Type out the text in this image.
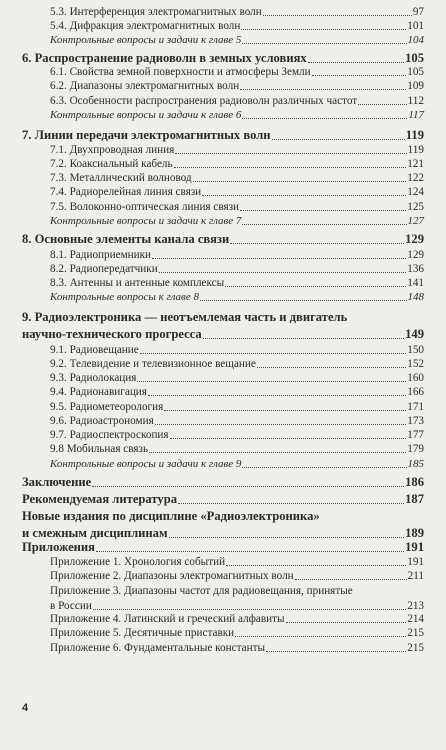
5.3. Интерференция электромагнитных волн	97
5.4. Дифракция электромагнитных волн	101
Контрольные вопросы и задачи к главе 5	104
6. Распространение радиоволн в земных условиях	105
6.1. Свойства земной поверхности и атмосферы Земли	105
6.2. Диапазоны электромагнитных волн	109
6.3. Особенности распространения радиоволн различных частот	112
Контрольные вопросы и задачи к главе 6	117
7. Линии передачи электромагнитных волн	119
7.1. Двухпроводная линия	119
7.2. Коаксиальный кабель	121
7.3. Металлический волновод	122
7.4. Радиорелейная линия связи	124
7.5. Волоконно-оптическая линия связи	125
Контрольные вопросы и задачи к главе 7	127
8. Основные элементы канала связи	129
8.1. Радиоприемники	129
8.2. Радиопередатчики	136
8.3. Антенны и антенные комплексы	141
Контрольные вопросы к главе 8	148
9. Радиоэлектроника — неотъемлемая часть и двигатель
научно-технического прогресса	149
9.1. Радиовещание	150
9.2. Телевидение и телевизионное вещание	152
9.3. Радиолокация	160
9.4. Радионавигация	166
9.5. Радиометеорология	171
9.6. Радиоастрономия	173
9.7. Радиоспектроскопия	177
9.8 Мобильная связь	179
Контрольные вопросы и задачи к главе 9	185
Заключение	186
Рекомендуемая литература	187
Новые издания по дисциплине «Радиоэлектроника»
и смежным дисциплинам	189
Приложения	191
Приложение 1. Хронология событий	191
Приложение 2. Диапазоны электромагнитных волн	211
Приложение 3. Диапазоны частот для радиовещания, принятые
в России	213
Приложение 4. Латинский и греческий алфавиты	214
Приложение 5. Десятичные приставки	215
Приложение 6. Фундаментальные константы	215
4
